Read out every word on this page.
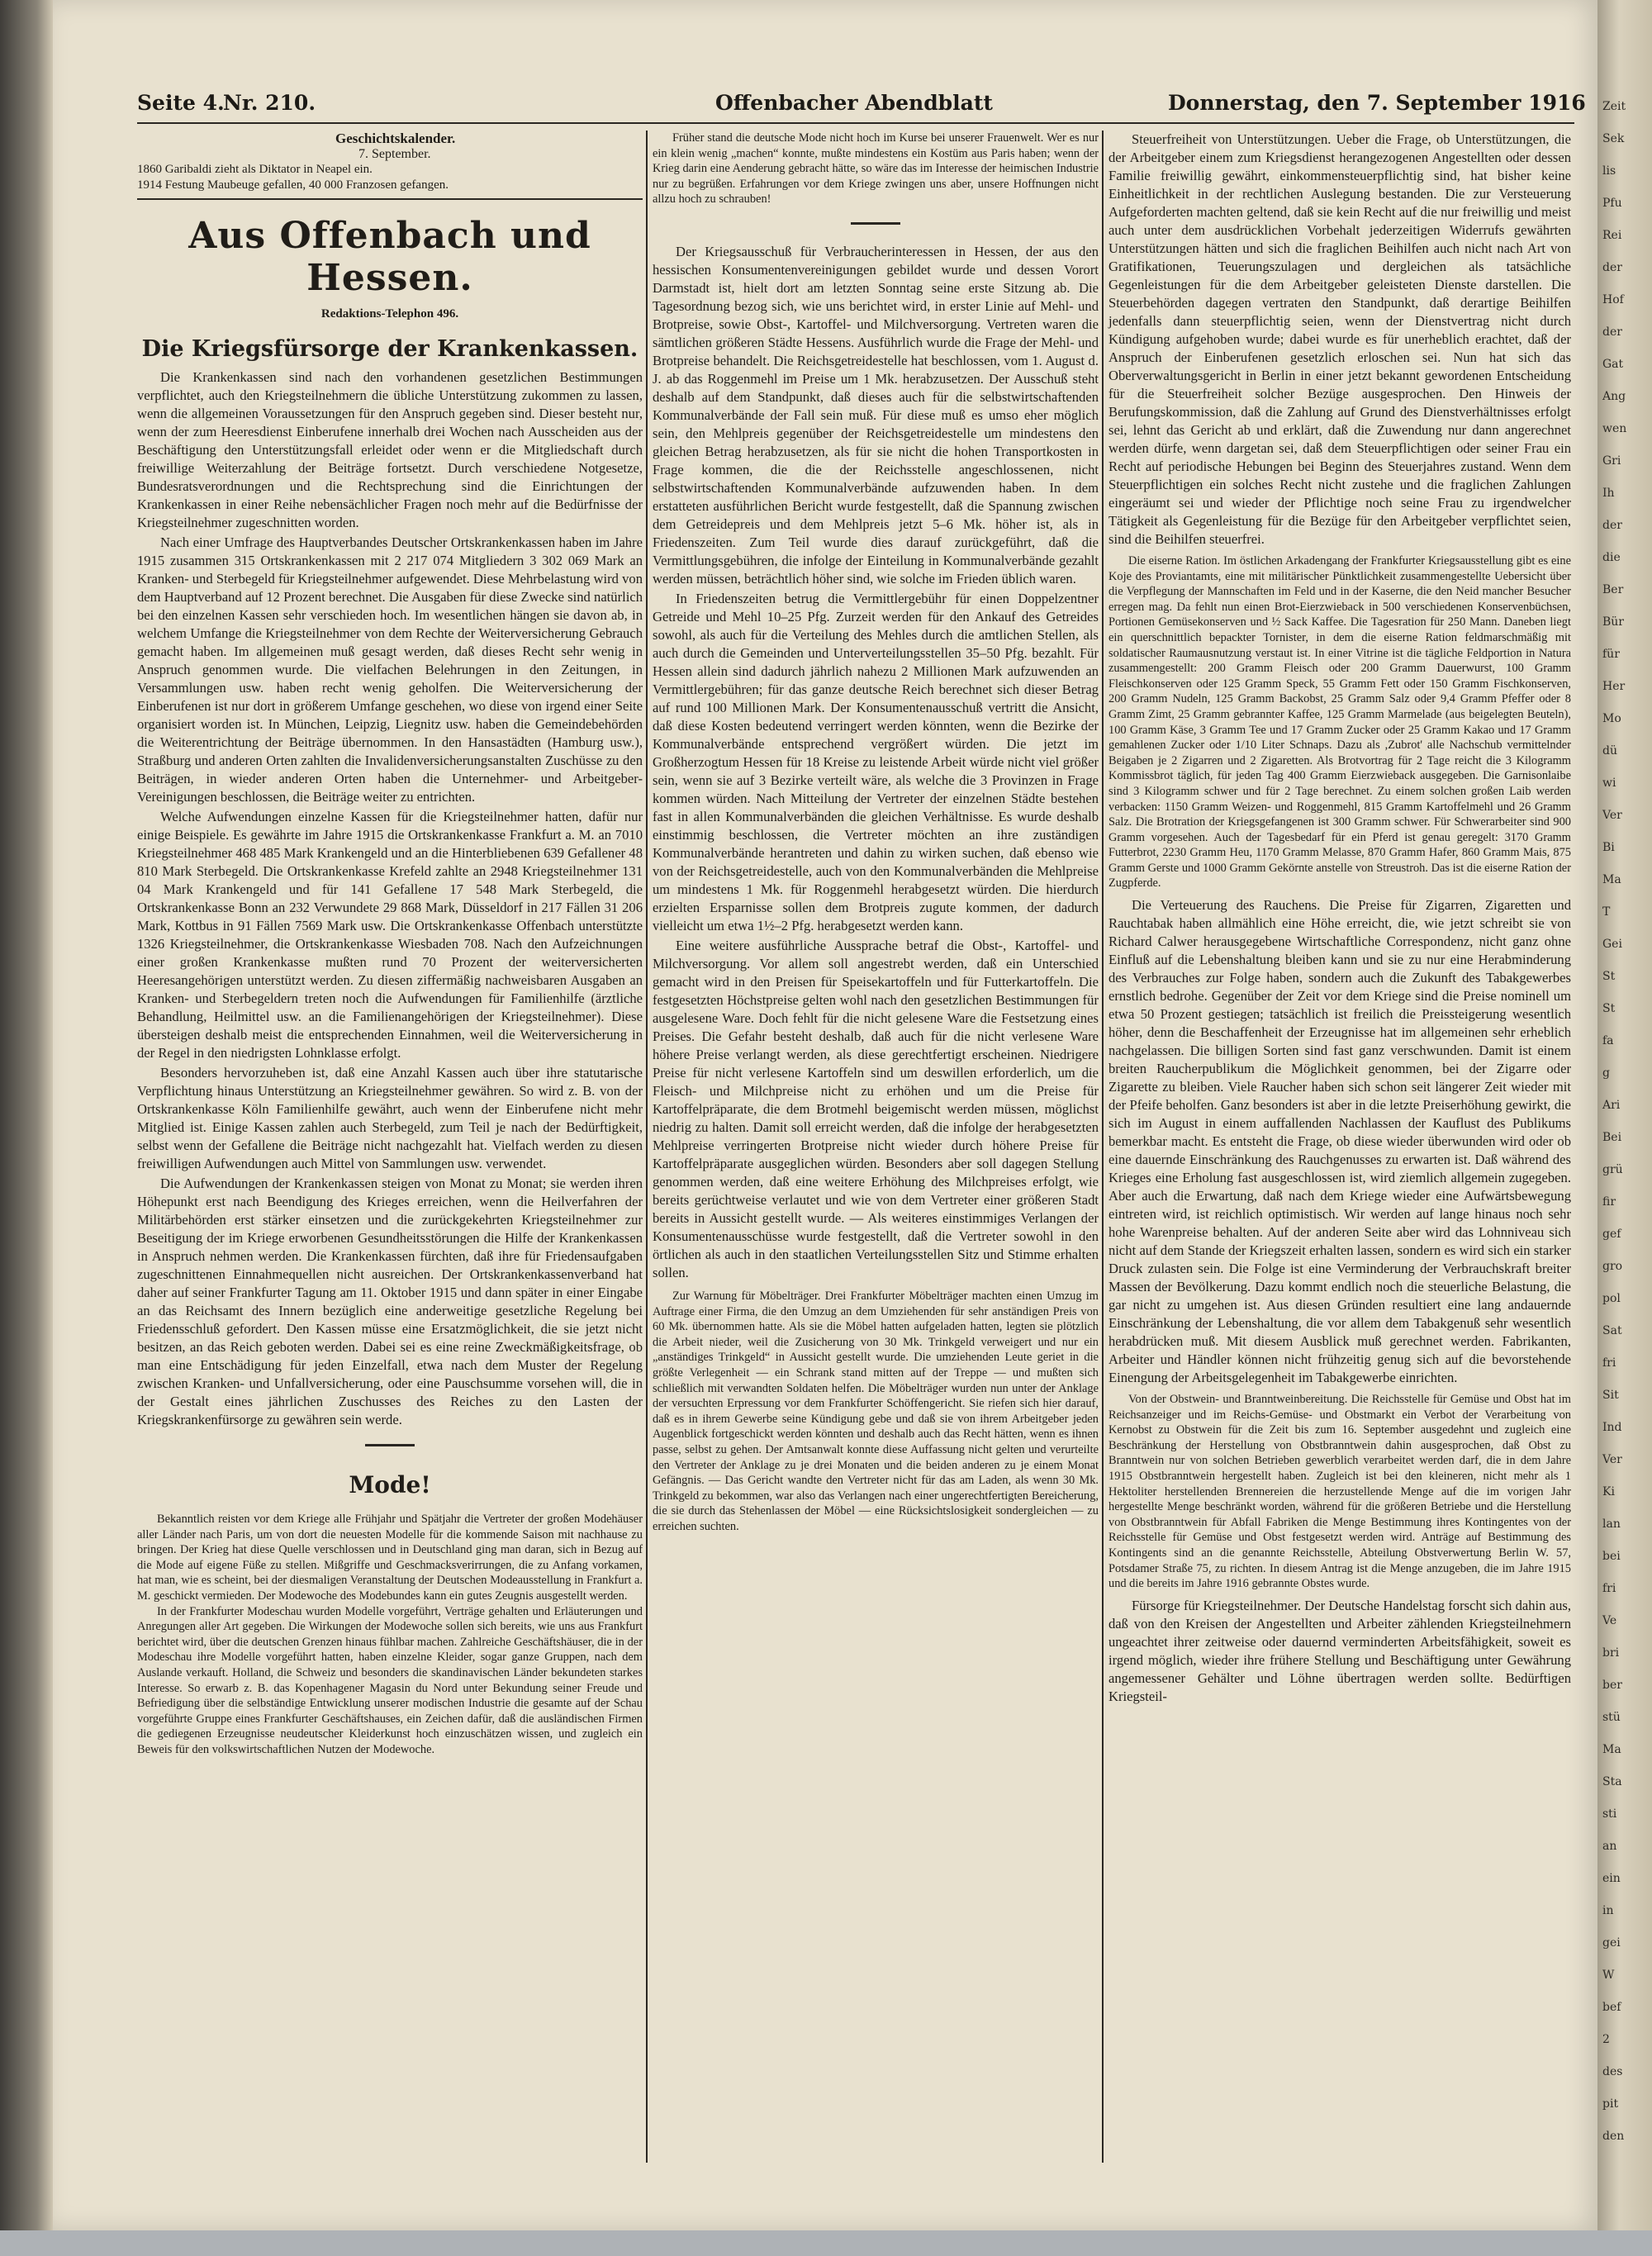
Seite 4.
Nr. 210.	Offenbacher Abendblatt	Donnerstag, den 7. September 1916
Geschichtskalender.
7. September.
1860 Garibaldi zieht als Diktator in Neapel ein.
1914 Festung Maubeuge gefallen, 40 000 Franzosen gefangen.
Aus Offenbach und Hessen.
Redaktions-Telephon 496.
Die Kriegsfürsorge der Krankenkassen.

Die Krankenkassen sind nach den vorhandenen gesetzlichen Bestimmungen verpflichtet, auch den Kriegsteilnehmern die übliche Unterstützung zukommen zu lassen, wenn die allgemeinen Voraussetzungen für den Anspruch gegeben sind. Dieser besteht nur, wenn der zum Heeresdienst Einberufene innerhalb drei Wochen nach Ausscheiden aus der Beschäftigung den Unterstützungsfall erleidet oder wenn er die Mitgliedschaft durch freiwillige Weiterzahlung der Beiträge fortsetzt. Durch verschiedene Notgesetze, Bundesratsverordnungen und die Rechtsprechung sind die Einrichtungen der Krankenkassen in einer Reihe nebensächlicher Fragen noch mehr auf die Bedürfnisse der Kriegsteilnehmer zugeschnitten worden.

Nach einer Umfrage des Hauptverbandes Deutscher Ortskrankenkassen haben im Jahre 1915 zusammen 315 Ortskrankenkassen mit 2 217 074 Mitgliedern 3 302 069 Mark an Kranken- und Sterbegeld für Kriegsteilnehmer aufgewendet. Diese Mehrbelastung wird von dem Hauptverband auf 12 Prozent berechnet. Die Ausgaben für diese Zwecke sind natürlich bei den einzelnen Kassen sehr verschieden hoch. Im wesentlichen hängen sie davon ab, in welchem Umfange die Kriegsteilnehmer von dem Rechte der Weiterversicherung Gebrauch gemacht haben. Im allgemeinen muß gesagt werden, daß dieses Recht sehr wenig in Anspruch genommen wurde. Die vielfachen Belehrungen in den Zeitungen, in Versammlungen usw. haben recht wenig geholfen. Die Weiterversicherung der Einberufenen ist nur dort in größerem Umfange geschehen, wo diese von irgend einer Seite organisiert worden ist. In München, Leipzig, Liegnitz usw. haben die Gemeindebehörden die Weiterentrichtung der Beiträge übernommen. In den Hansastädten (Hamburg usw.), Straßburg und anderen Orten zahlten die Invalidenversicherungsanstalten Zuschüsse zu den Beiträgen, in wieder anderen Orten haben die Unternehmer- und Arbeitgeber-Vereinigungen beschlossen, die Beiträge weiter zu entrichten.

Welche Aufwendungen einzelne Kassen für die Kriegsteilnehmer hatten, dafür nur einige Beispiele. Es gewährte im Jahre 1915 die Ortskrankenkasse Frankfurt a. M. an 7010 Kriegsteilnehmer 468 485 Mark Krankengeld und an die Hinterbliebenen 639 Gefallener 48 810 Mark Sterbegeld. Die Ortskrankenkasse Krefeld zahlte an 2948 Kriegsteilnehmer 131 04 Mark Krankengeld und für 141 Gefallene 17 548 Mark Sterbegeld, die Ortskrankenkasse Bonn an 232 Verwundete 29 868 Mark, Düsseldorf in 217 Fällen 31 206 Mark, Kottbus in 91 Fällen 7569 Mark usw. Die Ortskrankenkasse Offenbach unterstützte 1326 Kriegsteilnehmer, die Ortskrankenkasse Wiesbaden 708. Nach den Aufzeichnungen einer großen Krankenkasse mußten rund 70 Prozent der weiterversicherten Heeresangehörigen unterstützt werden. Zu diesen ziffermäßig nachweisbaren Ausgaben an Kranken- und Sterbegeldern treten noch die Aufwendungen für Familienhilfe (ärztliche Behandlung, Heilmittel usw. an die Familienangehörigen der Kriegsteilnehmer). Diese übersteigen deshalb meist die entsprechenden Einnahmen, weil die Weiterversicherung in der Regel in den niedrigsten Lohnklasse erfolgt.

Besonders hervorzuheben ist, daß eine Anzahl Kassen auch über ihre statutarische Verpflichtung hinaus Unterstützung an Kriegsteilnehmer gewähren. So wird z. B. von der Ortskrankenkasse Köln Familienhilfe gewährt, auch wenn der Einberufene nicht mehr Mitglied ist. Einige Kassen zahlen auch Sterbegeld, zum Teil je nach der Bedürftigkeit, selbst wenn der Gefallene die Beiträge nicht nachgezahlt hat. Vielfach werden zu diesen freiwilligen Aufwendungen auch Mittel von Sammlungen usw. verwendet.

Die Aufwendungen der Krankenkassen steigen von Monat zu Monat; sie werden ihren Höhepunkt erst nach Beendigung des Krieges erreichen, wenn die Heilverfahren der Militärbehörden erst stärker einsetzen und die zurückgekehrten Kriegsteilnehmer zur Beseitigung der im Kriege erworbenen Gesundheitsstörungen die Hilfe der Krankenkassen in Anspruch nehmen werden. Die Krankenkassen fürchten, daß ihre für Friedensaufgaben zugeschnittenen Einnahmequellen nicht ausreichen. Der Ortskrankenkassenverband hat daher auf seiner Frankfurter Tagung am 11. Oktober 1915 und dann später in einer Eingabe an das Reichsamt des Innern bezüglich eine anderweitige gesetzliche Regelung bei Friedensschluß gefordert. Den Kassen müsse eine Ersatzmöglichkeit, die sie jetzt nicht besitzen, an das Reich geboten werden. Dabei sei es eine reine Zweckmäßigkeitsfrage, ob man eine Entschädigung für jeden Einzelfall, etwa nach dem Muster der Regelung zwischen Kranken- und Unfallversicherung, oder eine Pauschsumme vorsehen will, die in der Gestalt eines jährlichen Zuschusses des Reiches zu den Lasten der Kriegskrankenfürsorge zu gewähren sein werde.

Mode!

Bekanntlich reisten vor dem Kriege alle Frühjahr und Spätjahr die Vertreter der großen Modehäuser aller Länder nach Paris, um von dort die neuesten Modelle für die kommende Saison mit nachhause zu bringen. Der Krieg hat diese Quelle verschlossen und in Deutschland ging man daran, sich in Bezug auf die Mode auf eigene Füße zu stellen. Mißgriffe und Geschmacksverirrungen, die zu Anfang vorkamen, hat man, wie es scheint, bei der diesmaligen Veranstaltung der Deutschen Modeausstellung in Frankfurt a. M. geschickt vermieden. Der Modewoche des Modebundes kann ein gutes Zeugnis ausgestellt werden.

In der Frankfurter Modeschau wurden Modelle vorgeführt, Verträge gehalten und Erläuterungen und Anregungen aller Art gegeben. Die Wirkungen der Modewoche sollen sich bereits, wie uns aus Frankfurt berichtet wird, über die deutschen Grenzen hinaus fühlbar machen. Zahlreiche Geschäftshäuser, die in der Modeschau ihre Modelle vorgeführt hatten, haben einzelne Kleider, sogar ganze Gruppen, nach dem Auslande verkauft. Holland, die Schweiz und besonders die skandinavischen Länder bekundeten starkes Interesse. So erwarb z. B. das Kopenhagener Magasin du Nord unter Bekundung seiner Freude und Befriedigung über die selbständige Entwicklung unserer modischen Industrie die gesamte auf der Schau vorgeführte Gruppe eines Frankfurter Geschäftshauses, ein Zeichen dafür, daß die ausländischen Firmen die gediegenen Erzeugnisse neudeutscher Kleiderkunst hoch einzuschätzen wissen, und zugleich ein Beweis für den volkswirtschaftlichen Nutzen der Modewoche.

Früher stand die deutsche Mode nicht hoch im Kurse bei unserer Frauenwelt. Wer es nur ein klein wenig „machen“ konnte, mußte mindestens ein Kostüm aus Paris haben; wenn der Krieg darin eine Aenderung gebracht hätte, so wäre das im Interesse der heimischen Industrie nur zu begrüßen. Erfahrungen vor dem Kriege zwingen uns aber, unsere Hoffnungen nicht allzu hoch zu schrauben!

Der Kriegsausschuß für Verbraucherinteressen in Hessen, der aus den hessischen Konsumentenvereinigungen gebildet wurde und dessen Vorort Darmstadt ist, hielt dort am letzten Sonntag seine erste Sitzung ab. Die Tagesordnung bezog sich, wie uns berichtet wird, in erster Linie auf Mehl- und Brotpreise, sowie Obst-, Kartoffel- und Milchversorgung. Vertreten waren die sämtlichen größeren Städte Hessens. Ausführlich wurde die Frage der Mehl- und Brotpreise behandelt. Die Reichsgetreidestelle hat beschlossen, vom 1. August d. J. ab das Roggenmehl im Preise um 1 Mk. herabzusetzen. Der Ausschuß steht deshalb auf dem Standpunkt, daß dieses auch für die selbstwirtschaftenden Kommunalverbände der Fall sein muß. Für diese muß es umso eher möglich sein, den Mehlpreis gegenüber der Reichsgetreidestelle um mindestens den gleichen Betrag herabzusetzen, als für sie nicht die hohen Transportkosten in Frage kommen, die die der Reichsstelle angeschlossenen, nicht selbstwirtschaftenden Kommunalverbände aufzuwenden haben. In dem erstatteten ausführlichen Bericht wurde festgestellt, daß die Spannung zwischen dem Getreidepreis und dem Mehlpreis jetzt 5–6 Mk. höher ist, als in Friedenszeiten. Zum Teil wurde dies darauf zurückgeführt, daß die Vermittlungsgebühren, die infolge der Einteilung in Kommunalverbände gezahlt werden müssen, beträchtlich höher sind, wie solche im Frieden üblich waren.

In Friedenszeiten betrug die Vermittlergebühr für einen Doppelzentner Getreide und Mehl 10–25 Pfg. Zurzeit werden für den Ankauf des Getreides sowohl, als auch für die Verteilung des Mehles durch die amtlichen Stellen, als auch durch die Gemeinden und Unterverteilungsstellen 35–50 Pfg. bezahlt. Für Hessen allein sind dadurch jährlich nahezu 2 Millionen Mark aufzuwenden an Vermittlergebühren; für das ganze deutsche Reich berechnet sich dieser Betrag auf rund 100 Millionen Mark. Der Konsumentenausschuß vertritt die Ansicht, daß diese Kosten bedeutend verringert werden könnten, wenn die Bezirke der Kommunalverbände entsprechend vergrößert würden. Die jetzt im Großherzogtum Hessen für 18 Kreise zu leistende Arbeit würde nicht viel größer sein, wenn sie auf 3 Bezirke verteilt wäre, als welche die 3 Provinzen in Frage kommen würden. Nach Mitteilung der Vertreter der einzelnen Städte bestehen fast in allen Kommunalverbänden die gleichen Verhältnisse. Es wurde deshalb einstimmig beschlossen, die Vertreter möchten an ihre zuständigen Kommunalverbände herantreten und dahin zu wirken suchen, daß ebenso wie von der Reichsgetreidestelle, auch von den Kommunalverbänden die Mehlpreise um mindestens 1 Mk. für Roggenmehl herabgesetzt würden. Die hierdurch erzielten Ersparnisse sollen dem Brotpreis zugute kommen, der dadurch vielleicht um etwa 1½–2 Pfg. herabgesetzt werden kann.

Eine weitere ausführliche Aussprache betraf die Obst-, Kartoffel- und Milchversorgung. Vor allem soll angestrebt werden, daß ein Unterschied gemacht wird in den Preisen für Speisekartoffeln und für Futterkartoffeln. Die festgesetzten Höchstpreise gelten wohl nach den gesetzlichen Bestimmungen für ausgelesene Ware. Doch fehlt für die nicht gelesene Ware die Festsetzung eines Preises. Die Gefahr besteht deshalb, daß auch für die nicht verlesene Ware höhere Preise verlangt werden, als diese gerechtfertigt erscheinen. Niedrigere Preise für nicht verlesene Kartoffeln sind um deswillen erforderlich, um die Fleisch- und Milchpreise nicht zu erhöhen und um die Preise für Kartoffelpräparate, die dem Brotmehl beigemischt werden müssen, möglichst niedrig zu halten. Damit soll erreicht werden, daß die infolge der herabgesetzten Mehlpreise verringerten Brotpreise nicht wieder durch höhere Preise für Kartoffelpräparate ausgeglichen würden. Besonders aber soll dagegen Stellung genommen werden, daß eine weitere Erhöhung des Milchpreises erfolgt, wie bereits gerüchtweise verlautet und wie von dem Vertreter einer größeren Stadt bereits in Aussicht gestellt wurde. — Als weiteres einstimmiges Verlangen der Konsumentenausschüsse wurde festgestellt, daß die Vertreter sowohl in den örtlichen als auch in den staatlichen Verteilungsstellen Sitz und Stimme erhalten sollen.

Zur Warnung für Möbelträger. Drei Frankfurter Möbelträger machten einen Umzug im Auftrage einer Firma, die den Umzug an dem Umziehenden für sehr anständigen Preis von 60 Mk. übernommen hatte. Als sie die Möbel hatten aufgeladen hatten, legten sie plötzlich die Arbeit nieder, weil die Zusicherung von 30 Mk. Trinkgeld verweigert und nur ein „anständiges Trinkgeld“ in Aussicht gestellt wurde. Die umziehenden Leute geriet in die größte Verlegenheit — ein Schrank stand mitten auf der Treppe — und mußten sich schließlich mit verwandten Soldaten helfen. Die Möbelträger wurden nun unter der Anklage der versuchten Erpressung vor dem Frankfurter Schöffengericht. Sie riefen sich hier darauf, daß es in ihrem Gewerbe seine Kündigung gebe und daß sie von ihrem Arbeitgeber jeden Augenblick fortgeschickt werden könnten und deshalb auch das Recht hätten, wenn es ihnen passe, selbst zu gehen. Der Amtsanwalt konnte diese Auffassung nicht gelten und verurteilte den Vertreter der Anklage zu je drei Monaten und die beiden anderen zu je einem Monat Gefängnis. — Das Gericht wandte den Vertreter nicht für das am Laden, als wenn 30 Mk. Trinkgeld zu bekommen, war also das Verlangen nach einer ungerechtfertigten Bereicherung, die sie durch das Stehenlassen der Möbel — eine Rücksichtslosigkeit sondergleichen — zu erreichen suchten.

Steuerfreiheit von Unterstützungen. Ueber die Frage, ob Unterstützungen, die der Arbeitgeber einem zum Kriegsdienst herangezogenen Angestellten oder dessen Familie freiwillig gewährt, einkommensteuerpflichtig sind, hat bisher keine Einheitlichkeit in der rechtlichen Auslegung bestanden. Die zur Versteuerung Aufgeforderten machten geltend, daß sie kein Recht auf die nur freiwillig und meist auch unter dem ausdrücklichen Vorbehalt jederzeitigen Widerrufs gewährten Unterstützungen hätten und sich die fraglichen Beihilfen auch nicht nach Art von Gratifikationen, Teuerungszulagen und dergleichen als tatsächliche Gegenleistungen für die dem Arbeitgeber geleisteten Dienste darstellen. Die Steuerbehörden dagegen vertraten den Standpunkt, daß derartige Beihilfen jedenfalls dann steuerpflichtig seien, wenn der Dienstvertrag nicht durch Kündigung aufgehoben wurde; dabei wurde es für unerheblich erachtet, daß der Anspruch der Einberufenen gesetzlich erloschen sei. Nun hat sich das Oberverwaltungsgericht in Berlin in einer jetzt bekannt gewordenen Entscheidung für die Steuerfreiheit solcher Bezüge ausgesprochen. Den Hinweis der Berufungskommission, daß die Zahlung auf Grund des Dienstverhältnisses erfolgt sei, lehnt das Gericht ab und erklärt, daß die Zuwendung nur dann angerechnet werden dürfe, wenn dargetan sei, daß dem Steuerpflichtigen oder seiner Frau ein Recht auf periodische Hebungen bei Beginn des Steuerjahres zustand. Wenn dem Steuerpflichtigen ein solches Recht nicht zustehe und die fraglichen Zahlungen eingeräumt sei und wieder der Pflichtige noch seine Frau zu irgendwelcher Tätigkeit als Gegenleistung für die Bezüge für den Arbeitgeber verpflichtet seien, sind die Beihilfen steuerfrei.

Die eiserne Ration. Im östlichen Arkadengang der Frankfurter Kriegsausstellung gibt es eine Koje des Proviantamts, eine mit militärischer Pünktlichkeit zusammengestellte Uebersicht über die Verpflegung der Mannschaften im Feld und in der Kaserne, die den Neid mancher Besucher erregen mag. Da fehlt nun einen Brot-Eierzwieback in 500 verschiedenen Konservenbüchsen, Portionen Gemüsekonserven und ½ Sack Kaffee. Die Tagesration für 250 Mann. Daneben liegt ein querschnittlich bepackter Tornister, in dem die eiserne Ration feldmarschmäßig mit soldatischer Raumausnutzung verstaut ist. In einer Vitrine ist die tägliche Feldportion in Natura zusammengestellt: 200 Gramm Fleisch oder 200 Gramm Dauerwurst, 100 Gramm Fleischkonserven oder 125 Gramm Speck, 55 Gramm Fett oder 150 Gramm Fischkonserven, 200 Gramm Nudeln, 125 Gramm Backobst, 25 Gramm Salz oder 9,4 Gramm Pfeffer oder 8 Gramm Zimt, 25 Gramm gebrannter Kaffee, 125 Gramm Marmelade (aus beigelegten Beuteln), 100 Gramm Käse, 3 Gramm Tee und 17 Gramm Zucker oder 25 Gramm Kakao und 17 Gramm gemahlenen Zucker oder 1/10 Liter Schnaps. Dazu als ,Zubrot' alle Nachschub vermittelnder Beigaben je 2 Zigarren und 2 Zigaretten. Als Brotvortrag für 2 Tage reicht die 3 Kilogramm Kommissbrot täglich, für jeden Tag 400 Gramm Eierzwieback ausgegeben. Die Garnisonlaibe sind 3 Kilogramm schwer und für 2 Tage berechnet. Zu einem solchen großen Laib werden verbacken: 1150 Gramm Weizen- und Roggenmehl, 815 Gramm Kartoffelmehl und 26 Gramm Salz. Die Brotration der Kriegsgefangenen ist 300 Gramm schwer. Für Schwerarbeiter sind 900 Gramm vorgesehen. Auch der Tagesbedarf für ein Pferd ist genau geregelt: 3170 Gramm Futterbrot, 2230 Gramm Heu, 1170 Gramm Melasse, 870 Gramm Hafer, 860 Gramm Mais, 875 Gramm Gerste und 1000 Gramm Gekörnte anstelle von Streustroh. Das ist die eiserne Ration der Zugpferde.

Die Verteuerung des Rauchens. Die Preise für Zigarren, Zigaretten und Rauchtabak haben allmählich eine Höhe erreicht, die, wie jetzt schreibt sie von Richard Calwer herausgegebene Wirtschaftliche Correspondenz, nicht ganz ohne Einfluß auf die Lebenshaltung bleiben kann und sie zu nur eine Herabminderung des Verbrauches zur Folge haben, sondern auch die Zukunft des Tabakgewerbes ernstlich bedrohe. Gegenüber der Zeit vor dem Kriege sind die Preise nominell um etwa 50 Prozent gestiegen; tatsächlich ist freilich die Preissteigerung wesentlich höher, denn die Beschaffenheit der Erzeugnisse hat im allgemeinen sehr erheblich nachgelassen. Die billigen Sorten sind fast ganz verschwunden. Damit ist einem breiten Raucherpublikum die Möglichkeit genommen, bei der Zigarre oder Zigarette zu bleiben. Viele Raucher haben sich schon seit längerer Zeit wieder mit der Pfeife beholfen. Ganz besonders ist aber in die letzte Preiserhöhung gewirkt, die sich im August in einem auffallenden Nachlassen der Kauflust des Publikums bemerkbar macht. Es entsteht die Frage, ob diese wieder überwunden wird oder ob eine dauernde Einschränkung des Rauchgenusses zu erwarten ist. Daß während des Krieges eine Erholung fast ausgeschlossen ist, wird ziemlich allgemein zugegeben. Aber auch die Erwartung, daß nach dem Kriege wieder eine Aufwärtsbewegung eintreten wird, ist reichlich optimistisch. Wir werden auf lange hinaus noch sehr hohe Warenpreise behalten. Auf der anderen Seite aber wird das Lohnniveau sich nicht auf dem Stande der Kriegszeit erhalten lassen, sondern es wird sich ein starker Druck zulasten sein. Die Folge ist eine Verminderung der Verbrauchskraft breiter Massen der Bevölkerung. Dazu kommt endlich noch die steuerliche Belastung, die gar nicht zu umgehen ist. Aus diesen Gründen resultiert eine lang andauernde Einschränkung der Lebenshaltung, die vor allem dem Tabakgenuß sehr wesentlich herabdrücken muß. Mit diesem Ausblick muß gerechnet werden. Fabrikanten, Arbeiter und Händler können nicht frühzeitig genug sich auf die bevorstehende Einengung der Arbeitsgelegenheit im Tabakgewerbe einrichten.

Von der Obstwein- und Branntweinbereitung. Die Reichsstelle für Gemüse und Obst hat im Reichsanzeiger und im Reichs-Gemüse- und Obstmarkt ein Verbot der Verarbeitung von Kernobst zu Obstwein für die Zeit bis zum 16. September ausgedehnt und zugleich eine Beschränkung der Herstellung von Obstbranntwein dahin ausgesprochen, daß Obst zu Branntwein nur von solchen Betrieben gewerblich verarbeitet werden darf, die in dem Jahre 1915 Obstbranntwein hergestellt haben. Zugleich ist bei den kleineren, nicht mehr als 1 Hektoliter herstellenden Brennereien die herzustellende Menge auf die im vorigen Jahr hergestellte Menge beschränkt worden, während für die größeren Betriebe und die Herstellung von Obstbranntwein für Abfall Fabriken die Menge Bestimmung ihres Kontingentes von der Reichsstelle für Gemüse und Obst festgesetzt werden wird. Anträge auf Bestimmung des Kontingents sind an die genannte Reichsstelle, Abteilung Obstverwertung Berlin W. 57, Potsdamer Straße 75, zu richten. In diesem Antrag ist die Menge anzugeben, die im Jahre 1915 und die bereits im Jahre 1916 gebrannte Obstes wurde.

Fürsorge für Kriegsteilnehmer. Der Deutsche Handelstag forscht sich dahin aus, daß von den Kreisen der Angestellten und Arbeiter zählenden Kriegsteilnehmern ungeachtet ihrer zeitweise oder dauernd verminderten Arbeitsfähigkeit, soweit es irgend möglich, wieder ihre frühere Stellung und Beschäftigung unter Gewährung angemessener Gehälter und Löhne übertragen werden sollte. Bedürftigen Kriegsteil-

Zeit
Sek
lis
Pfu
Rei
der
Hof
der
Gat
Ang
wen
Gri
Ih
der
die
Ber
Bür
für
Her
Mo
dü
wi
Ver
Bi
Ma
T
Gei
St
St
fa
g
Ari
Bei
grü
fir
gef
gro
pol
Sat
fri
Sit
Ind
Ver
Ki
lan
bei
fri
Ve
bri
ber
stü
Ma
Sta
sti
an
ein
in
gei
W
bef
2
des
pit
den
